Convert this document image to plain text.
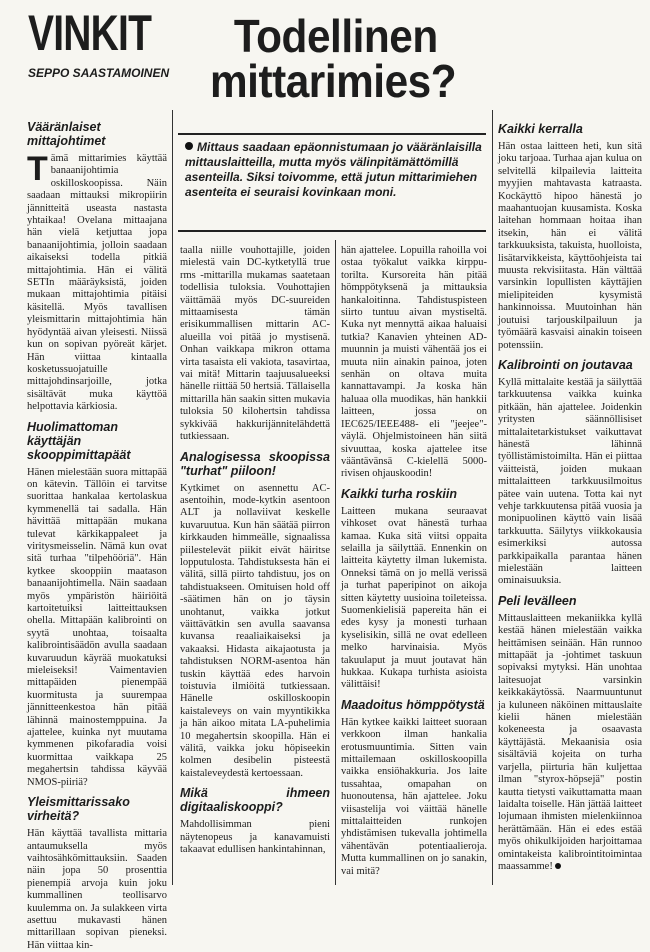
VINKIT	Todellinen
mittarimies?
SEPPO SAASTAMOINEN
Mittaus saadaan epäonnistumaan jo vääränlaisilla mittauslaitteilla, mutta myös välinpitämättömillä asenteilla. Siksi toivomme, että jutun mittarimiehen asenteita ei seuraisi kovinkaan moni.
Vääränlaiset mittajohtimet

Tämä mittarimies käyttää banaanijohtimia oskilloskoopissa. Näin saadaan mittauksi mikropiirin jännitteitä useasta nastasta yhtaikaa! Ovelana mittaajana hän vielä ketjuttaa jopa banaanijohtimia, jolloin saadaan aikaiseksi todella pitkiä mittajohtimia. Hän ei välitä SETIn määräyksistä, joiden mukaan mittajohtimia pitäisi käsitellä. Myös tavallisen yleismittarin mittajohtimia hän hyödyntää aivan yleisesti. Niissä kun on sopivan pyöreät kärjet. Hän viittaa kintaalla kosketussuojatuille mittajohdinsarjoille, jotka sisältävät muka käyttöä helpottavia kärkiosia.

Huolimattoman käyttäjän skooppimittapäät

Hänen mielestään suora mittapää on kätevin. Tällöin ei tarvitse suorittaa hankalaa kertolaskua kymmenellä tai sadalla. Hän hävittää mittapään mukana tulevat kärkikappaleet ja viritysmeisselin. Nämä kun ovat sitä turhaa "tilpehööriä". Hän kytkee skooppiin maatason banaanijohtimella. Näin saadaan myös ympäristön häiriöitä kartoitetuiksi laitteittauksen ohella. Mittapään kalibrointi on syytä unohtaa, toisaalta kalibrointisäädön avulla saadaan kuvaruudun käyrää muokatuksi mieleiseksi! Vaimentavien mittapäiden pienempää kuormitusta ja suurempaa jännitteenkestoa hän pitää lähinnä mainostemppuina. Ja ajattelee, kuinka nyt muutama kymmenen pikofaradia voisi kuormittaa vaikkapa 25 megahertsin tahdissa käyvää NMOS-piiriä?

Yleismittarissako virheitä?

Hän käyttää tavallista mittaria antaumuksella myös vaihtosähkömittauksiin. Saaden näin jopa 50 prosenttia pienempiä arvoja kuin joku kummallinen teollisarvo kuulemma on. Ja sulakkeen virta asettuu mukavasti hänen mittarillaan sopivan pieneksi. Hän viittaa kin-

taalla niille vouhottajille, joiden mielestä vain DC-kytketyllä true rms -mittarilla mukamas saatetaan todellisia tuloksia. Vouhottajien väittämää myös DC-suureiden mittaamisesta tämän erisikummallisen mittarin AC-alueilla voi pitää jo mystisenä. Onhan vaikkapa mikron ottama virta tasaista eli vakiota, tasavirtaa, vai mitä! Mittarin taajuusalueeksi hänelle riittää 50 hertsiä. Tällaisella mittarilla hän saakin sitten mukavia tuloksia 50 kilohertsin tahdissa sykkivää hakkurijännitelähdettä tutkiessaan.

Analogisessa skoopissa "turhat" piiloon!

Kytkimet on asennettu AC-asentoihin, mode-kytkin asentoon ALT ja nollaviivat keskelle kuvaruutua. Kun hän säätää piirron kirkkauden himmeälle, signaalissa piilestelevät piikit eivät häiritse lopputulosta. Tahdistuksesta hän ei välitä, sillä piirto tahdistuu, jos on tahdistuakseen. Omituisen hold off -säätimen hän on jo täysin unohtanut, vaikka jotkut väittävätkin sen avulla saavansa kuvansa reaaliaikaiseksi ja vakaaksi. Hidasta aikajaotusta ja tahdistuksen NORM-asentoa hän tuskin käyttää edes harvoin toistuvia ilmiöitä tutkiessaan. Hänelle oskilloskoopin kaistaleveys on vain myyntikikka ja hän aikoo mitata LA-puhelimia 10 megahertsin skoopilla. Hän ei välitä, vaikka joku höpiseekin kolmen desibelin pisteestä kaistaleveydestä kertoessaan.

Mikä ihmeen digitaaliskooppi?

Mahdollisimman pieni näytenopeus ja kanavamuisti takaavat edullisen hankintahinnan,

hän ajattelee. Lopuilla rahoilla voi ostaa työkalut vaikka kirpputorilta. Kursoreita hän pitää hömppötyksenä ja mittauksia hankaloitinna. Tahdistuspisteen siirto tuntuu aivan mystiseltä. Kuka nyt mennyttä aikaa haluaisi tutkia? Kanavien yhteinen AD-muunnin ja muisti vähentää jos ei muuta niin ainakin painoa, joten senhän on oltava muita kannattavampi. Ja koska hän haluaa olla muodikas, hän hankkii laitteen, jossa on IEC625/IEEE488- eli "jeejee"-väylä. Ohjelmistoineen hän siitä sivuuttaa, koska ajattelee itse vääntävänsä C-kielellä 5000-rivisen ohjauskoodin!

Kaikki turha roskiin

Laitteen mukana seuraavat vihkoset ovat hänestä turhaa kamaa. Kuka sitä viitsi oppaita selailla ja säilyttää. Ennenkin on laitteita käytetty ilman lukemista. Onneksi tämä on jo mellä verissä ja turhat paperipinot on aikoja sitten käytetty uusioina toileteissa. Suomenkielisiä papereita hän ei edes kysy ja monesti turhaan kyselisikin, sillä ne ovat edelleen melko harvinaisia. Myös takuulaput ja muut joutavat hän hukkaa. Kukapa turhista asioista välittäisi!

Maadoitus hömppötystä

Hän kytkee kaikki laitteet suoraan verkkoon ilman hankalia erotusmuuntimia. Sitten vain mittailemaan oskilloskoopilla vaikka ensiöhakkuria. Jos laite tussahtaa, omapahan on huonoutensa, hän ajattelee. Joku viisastelija voi väittää hänelle mittalaitteiden runkojen yhdistämisen tukevalla johtimella vähentävän potentiaalieroja. Mutta kummallinen on jo sanakin, vai mitä?

Kaikki kerralla

Hän ostaa laitteen heti, kun sitä joku tarjoaa. Turhaa ajan kulua on selvitellä kilpailevia laitteita myyjien mahtavasta katraasta. Kockäyttö hipoo hänestä jo maahantuojan kuusamista. Koska laitehan hommaan hoitaa ihan itsekin, hän ei välitä tarkkuuksista, takuista, huolloista, lisätarvikkeista, käyttöohjeista tai muusta rekvisiitasta. Hän välttää varsinkin lopullisten käyttäjien mielipiteiden kysymistä hankinnoissa. Muutoinhan hän joutuisi tarjouskilpailuun ja työmäärä kasvaisi ainakin toiseen potenssiin.

Kalibrointi on joutavaa

Kyllä mittalaite kestää ja säilyttää tarkkuutensa vaikka kuinka pitkään, hän ajattelee. Joidenkin yritysten säännöllisiset mittalaitetarkistukset vaikuttavat hänestä lähinnä työllistämistoimilta. Hän ei piittaa väitteistä, joiden mukaan mittalaitteen tarkkuusilmoitus pätee vain uutena. Totta kai nyt vehje tarkkuutensa pitää vuosia ja monipuolinen käyttö vain lisää tarkkuutta. Säilytys viikkokausia esimerkiksi autossa parkkipaikalla parantaa hänen mielestään laitteen ominaisuuksia.

Peli levälleen

Mittauslaitteen mekaniikka kyllä kestää hänen mielestään vaikka heittämisen seinään. Hän runnoo mittapäät ja -johtimet taskuun sopivaksi mytyksi. Hän unohtaa laitesuojat varsinkin keikkakäytössä. Naarmuuntunut ja kuluneen näköinen mittauslaite kielii hänen mielestään kokeneesta ja osaavasta käyttäjästä. Mekaanisia osia sisältäviä kojeita on turha varjella, piirturia hän kuljettaa ilman "styrox-höpsejä" postin kautta tietysti vaikuttamatta maan laidalta toiselle. Hän jättää laitteet lojumaan ihmisten mielenkiinnoa herättämään. Hän ei edes estää myös ohikulkijoiden harjoittamaa omintakeista kalibrointitoimintaa maassamme!
